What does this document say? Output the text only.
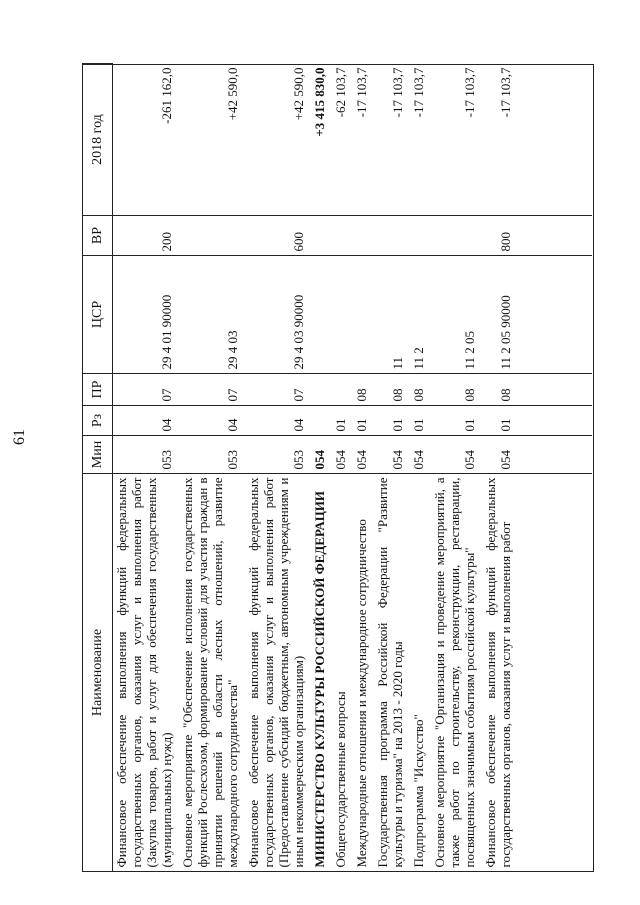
61
Наименование	Мин	Рз	ПР	ЦСР	ВР	2018 год
Финансовое обеспечение выполнения функций федеральных государственных органов, оказания услуг и выполнения работ (Закупка товаров, работ и услуг для обеспечения государственных (муниципальных) нужд)	053	04	07	29 4 01 90000	200	-261 162,0

Основное мероприятие "Обеспечение исполнения государственных функций Рослесхозом, формирование условий для участия граждан в принятии решений в области лесных отношений, развитие международного сотрудничества"	053	04	07	29 4 03		+42 590,0

Финансовое обеспечение выполнения функций федеральных государственных органов, оказания услуг и выполнения работ (Предоставление субсидий бюджетным, автономным учреждениям и иным некоммерческим организациям)	053	04	07	29 4 03 90000	600	+42 590,0

МИНИСТЕРСТВО КУЛЬТУРЫ РОССИЙСКОЙ ФЕДЕРАЦИИ	054					+3 415 830,0

Общегосударственные вопросы	054	01				-62 103,7

Международные отношения и международное сотрудничество	054	01	08			-17 103,7

Государственная программа Российской Федерации "Развитие культуры и туризма" на 2013 - 2020 годы	054	01	08	11		-17 103,7

Подпрограмма "Искусство"	054	01	08	11 2		-17 103,7

Основное мероприятие "Организация и проведение мероприятий, а также работ по строительству, реконструкции, реставрации, посвященных значимым событиям российской культуры"	054	01	08	11 2 05		-17 103,7

Финансовое обеспечение выполнения функций федеральных государственных органов, оказания услуг и выполнения работ	054	01	08	11 2 05 90000	800	-17 103,7
